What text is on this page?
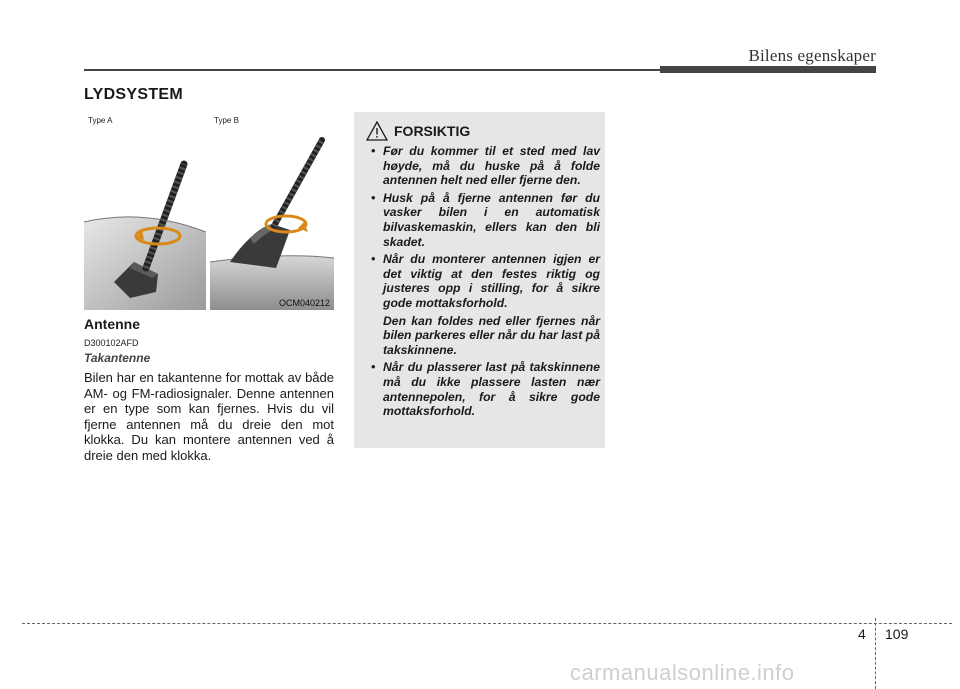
Bilens egenskaper
LYDSYSTEM
Type A	Type B
OCM040212
Antenne
D300102AFD
Takantenne
Bilen har en takantenne for mottak av både AM- og FM-radiosignaler. Denne antennen er en type som kan fjernes. Hvis du vil fjerne antennen må du dreie den mot klokka. Du kan montere antennen ved å dreie den med klokka.
FORSIKTIG
• Før du kommer til et sted med lav høyde, må du huske på å folde antennen helt ned eller fjerne den.
• Husk på å fjerne antennen før du vasker bilen i en automatisk bilvaskemaskin, ellers kan den bli skadet.
• Når du monterer antennen igjen er det viktig at den festes riktig og justeres opp i stilling, for å sikre gode mottaksforhold.
Den kan foldes ned eller fjernes når bilen parkeres eller når du har last på takskinnene.
• Når du plasserer last på takskinnene må du ikke plassere lasten nær antennepolen, for å sikre gode mottaksforhold.
4 109
carmanualsonline.info
